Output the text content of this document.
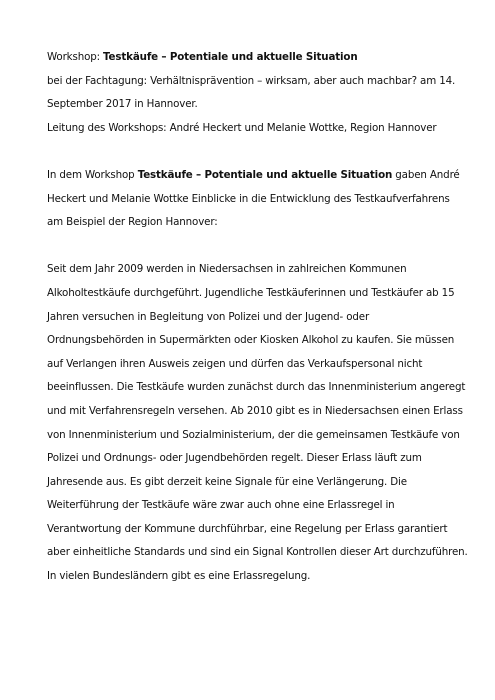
Workshop: Testkäufe – Potentiale und aktuelle Situation
bei der Fachtagung: Verhältnisprävention – wirksam, aber auch machbar? am 14.
September 2017 in Hannover.
Leitung des Workshops: André Heckert und Melanie Wottke, Region Hannover
In dem Workshop Testkäufe – Potentiale und aktuelle Situation gaben André
Heckert und Melanie Wottke Einblicke in die Entwicklung des Testkaufverfahrens
am Beispiel der Region Hannover:
Seit dem Jahr 2009 werden in Niedersachsen in zahlreichen Kommunen
Alkoholtestkäufe durchgeführt. Jugendliche Testkäuferinnen und Testkäufer ab 15
Jahren versuchen in Begleitung von Polizei und der Jugend- oder
Ordnungsbehörden in Supermärkten oder Kiosken Alkohol zu kaufen. Sie müssen
auf Verlangen ihren Ausweis zeigen und dürfen das Verkaufspersonal nicht
beeinflussen. Die Testkäufe wurden zunächst durch das Innenministerium angeregt
und mit Verfahrensregeln versehen. Ab 2010 gibt es in Niedersachsen einen Erlass
von Innenministerium und Sozialministerium, der die gemeinsamen Testkäufe von
Polizei und Ordnungs- oder Jugendbehörden regelt. Dieser Erlass läuft zum
Jahresende aus. Es gibt derzeit keine Signale für eine Verlängerung. Die
Weiterführung der Testkäufe wäre zwar auch ohne eine Erlassregel in
Verantwortung der Kommune durchführbar, eine Regelung per Erlass garantiert
aber einheitliche Standards und sind ein Signal Kontrollen dieser Art durchzuführen.
In vielen Bundesländern gibt es eine Erlassregelung.
